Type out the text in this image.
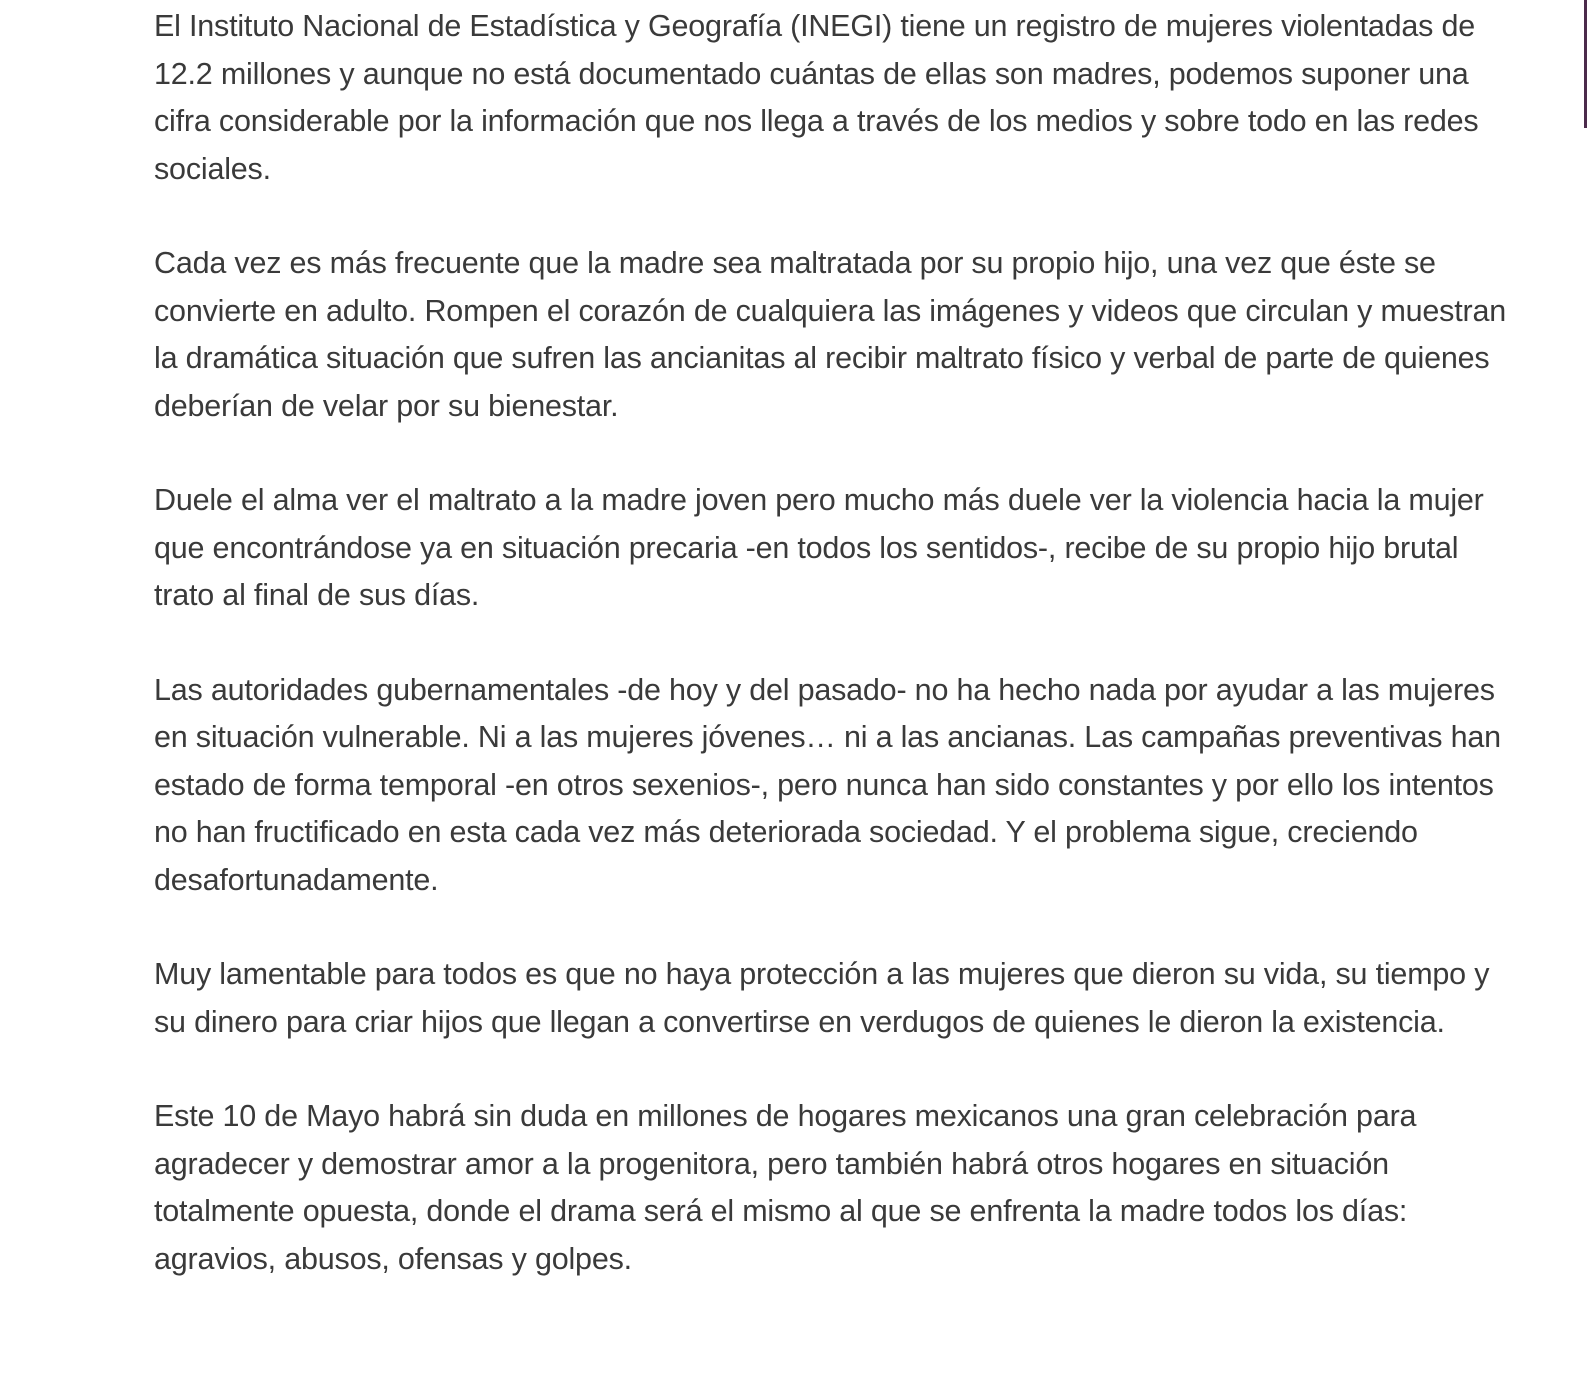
El Instituto Nacional de Estadística y Geografía (INEGI) tiene un registro de mujeres violentadas de 12.2 millones y aunque no está documentado cuántas de ellas son madres, podemos suponer una cifra considerable por la información que nos llega a través de los medios y sobre todo en las redes sociales.

Cada vez es más frecuente que la madre sea maltratada por su propio hijo, una vez que éste se convierte en adulto. Rompen el corazón de cualquiera las imágenes y videos que circulan y muestran la dramática situación que sufren las ancianitas al recibir maltrato físico y verbal de parte de quienes deberían de velar por su bienestar.

Duele el alma ver el maltrato a la madre joven pero mucho más duele ver la violencia hacia la mujer que encontrándose ya en situación precaria -en todos los sentidos-, recibe de su propio hijo brutal trato al final de sus días.

Las autoridades gubernamentales -de hoy y del pasado- no ha hecho nada por ayudar a las mujeres en situación vulnerable. Ni a las mujeres jóvenes… ni a las ancianas. Las campañas preventivas han estado de forma temporal -en otros sexenios-, pero nunca han sido constantes y por ello los intentos no han fructificado en esta cada vez más deteriorada sociedad. Y el problema sigue, creciendo desafortunadamente.

Muy lamentable para todos es que no haya protección a las mujeres que dieron su vida, su tiempo y su dinero para criar hijos que llegan a convertirse en verdugos de quienes le dieron la existencia.

Este 10 de Mayo habrá sin duda en millones de hogares mexicanos una gran celebración para agradecer y demostrar amor a la progenitora, pero también habrá otros hogares en situación totalmente opuesta, donde el drama será el mismo al que se enfrenta la madre todos los días: agravios, abusos, ofensas y golpes.
